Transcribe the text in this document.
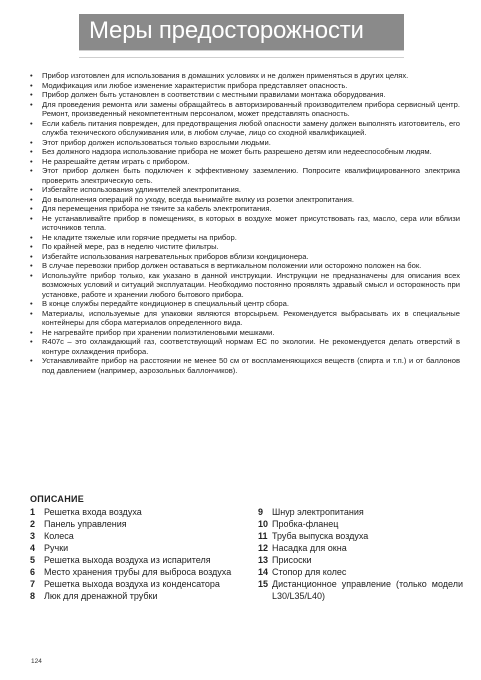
Меры предосторожности
• Прибор изготовлен для использования в домашних условиях и не должен применяться в других целях.
• Модификация или любое изменение характеристик прибора представляет опасность.
• Прибор должен быть установлен в соответствии с местными правилами монтажа оборудования.
• Для проведения ремонта или замены обращайтесь в авторизированный производителем прибора сервисный центр. Ремонт, произведенный некомпетентным персоналом, может представлять опасность.
• Если кабель питания поврежден, для предотвращения любой опасности замену должен выполнять изготовитель, его служба технического обслуживания или, в любом случае, лицо со сходной квалификацией.
• Этот прибор должен использоваться только взрослыми людьми.
• Без должного надзора использование прибора не может быть разрешено детям или недееспособным людям.
• Не разрешайте детям играть с прибором.
• Этот прибор должен быть подключен к эффективному заземлению. Попросите квалифицированного электрика проверить электрическую сеть.
• Избегайте использования удлинителей электропитания.
• До выполнения операций по уходу, всегда вынимайте вилку из розетки электропитания.
• Для перемещения прибора не тяните за кабель электропитания.
• Не устанавливайте прибор в помещениях, в которых в воздухе может присутствовать газ, масло, сера или вблизи источников тепла.
• Не кладите тяжелые или горячие предметы на прибор.
• По крайней мере, раз в неделю чистите фильтры.
• Избегайте использования нагревательных приборов вблизи кондиционера.
• В случае перевозки прибор должен оставаться в вертикальном положении или осторожно положен на бок.
• Используйте прибор только, как указано в данной инструкции. Инструкции не предназначены для описания всех возможных условий и ситуаций эксплуатации. Необходимо постоянно проявлять здравый смысл и осторожность при установке, работе и хранении любого бытового прибора.
• В конце службы передайте кондиционер в специальный центр сбора.
• Материалы, используемые для упаковки являются вторсырьем. Рекомендуется выбрасывать их в специальные контейнеры для сбора материалов определенного вида.
• Не нагревайте прибор при хранении полиэтиленовыми мешками.
• R407c – это охлаждающий газ, соответствующий нормам ЕС по экологии. Не рекомендуется делать отверстий в контуре охлаждения прибора.
• Устанавливайте прибор на расстоянии не менее 50 см от воспламеняющихся веществ (спирта и т.п.) и от баллонов под давлением (например, аэрозольных баллончиков).
ОПИСАНИЕ
1 Решетка входа воздуха
2 Панель управления
3 Колеса
4 Ручки
5 Решетка выхода воздуха из испарителя
6 Место хранения трубы для выброса воздуха
7 Решетка выхода воздуха из конденсатора
8 Люк для дренажной трубки
9 Шнур электропитания
10 Пробка-фланец
11 Труба выпуска воздуха
12 Насадка для окна
13 Присоски
14 Стопор для колес
15 Дистанционное управление (только модели L30/L35/L40)
124
